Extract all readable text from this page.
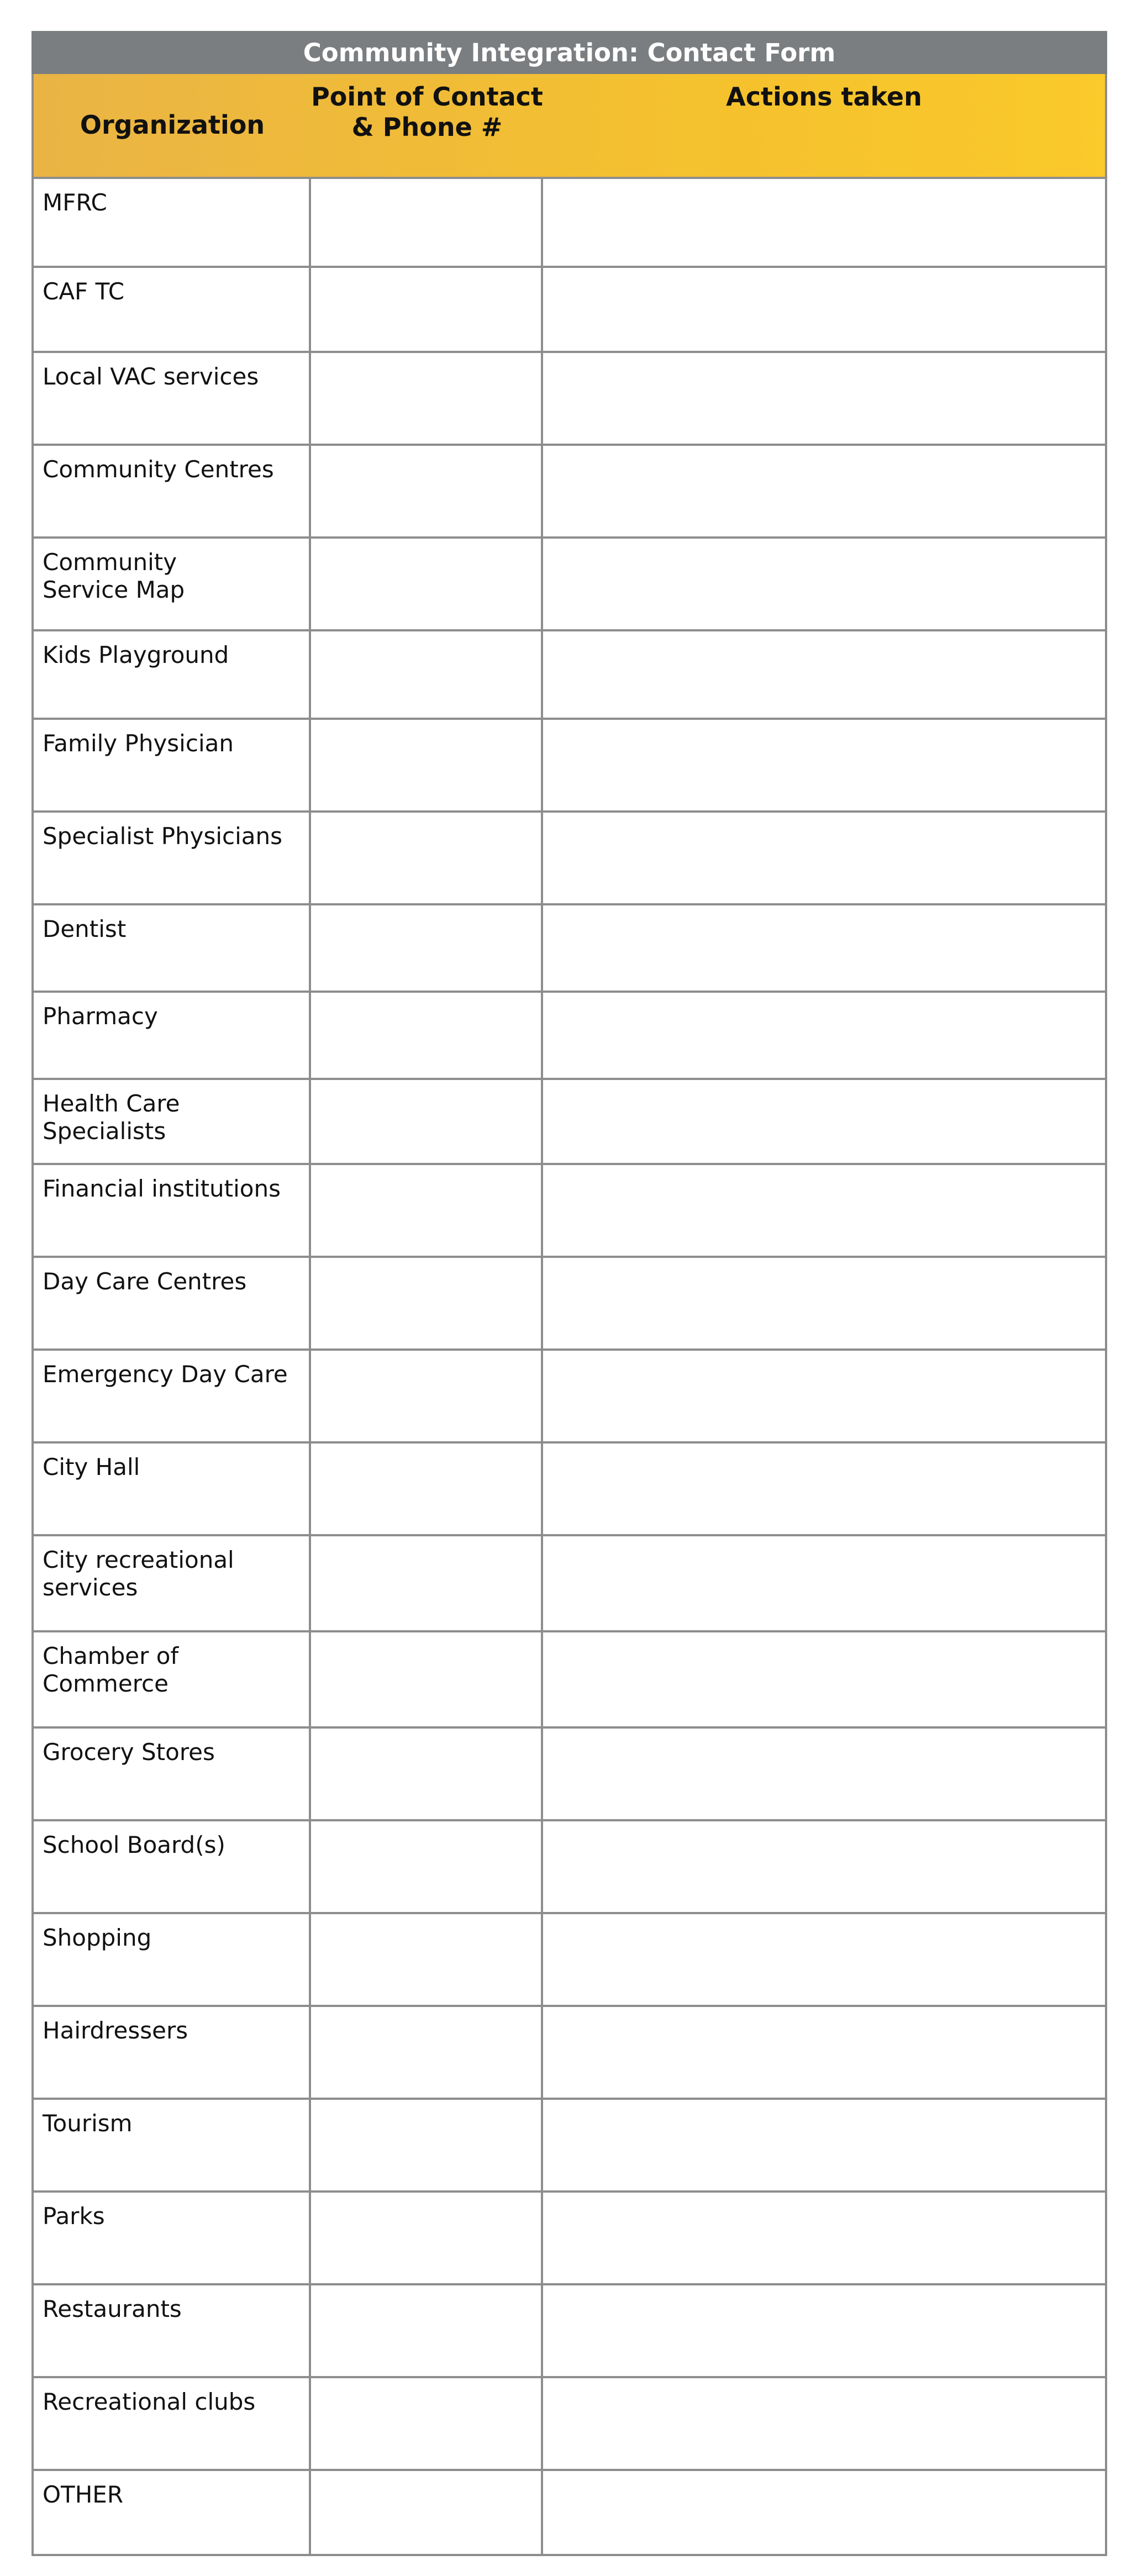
Community Integration: Contact Form
Organization
Point of Contact & Phone #
Actions taken
MFRC
CAF TC
Local VAC services
Community Centres
Community
Service Map
Kids Playground
Family Physician
Specialist Physicians
Dentist
Pharmacy
Health Care
Specialists
Financial institutions
Day Care Centres
Emergency Day Care
City Hall
City recreational
services
Chamber of
Commerce
Grocery Stores
School Board(s)
Shopping
Hairdressers
Tourism
Parks
Restaurants
Recreational clubs
OTHER
